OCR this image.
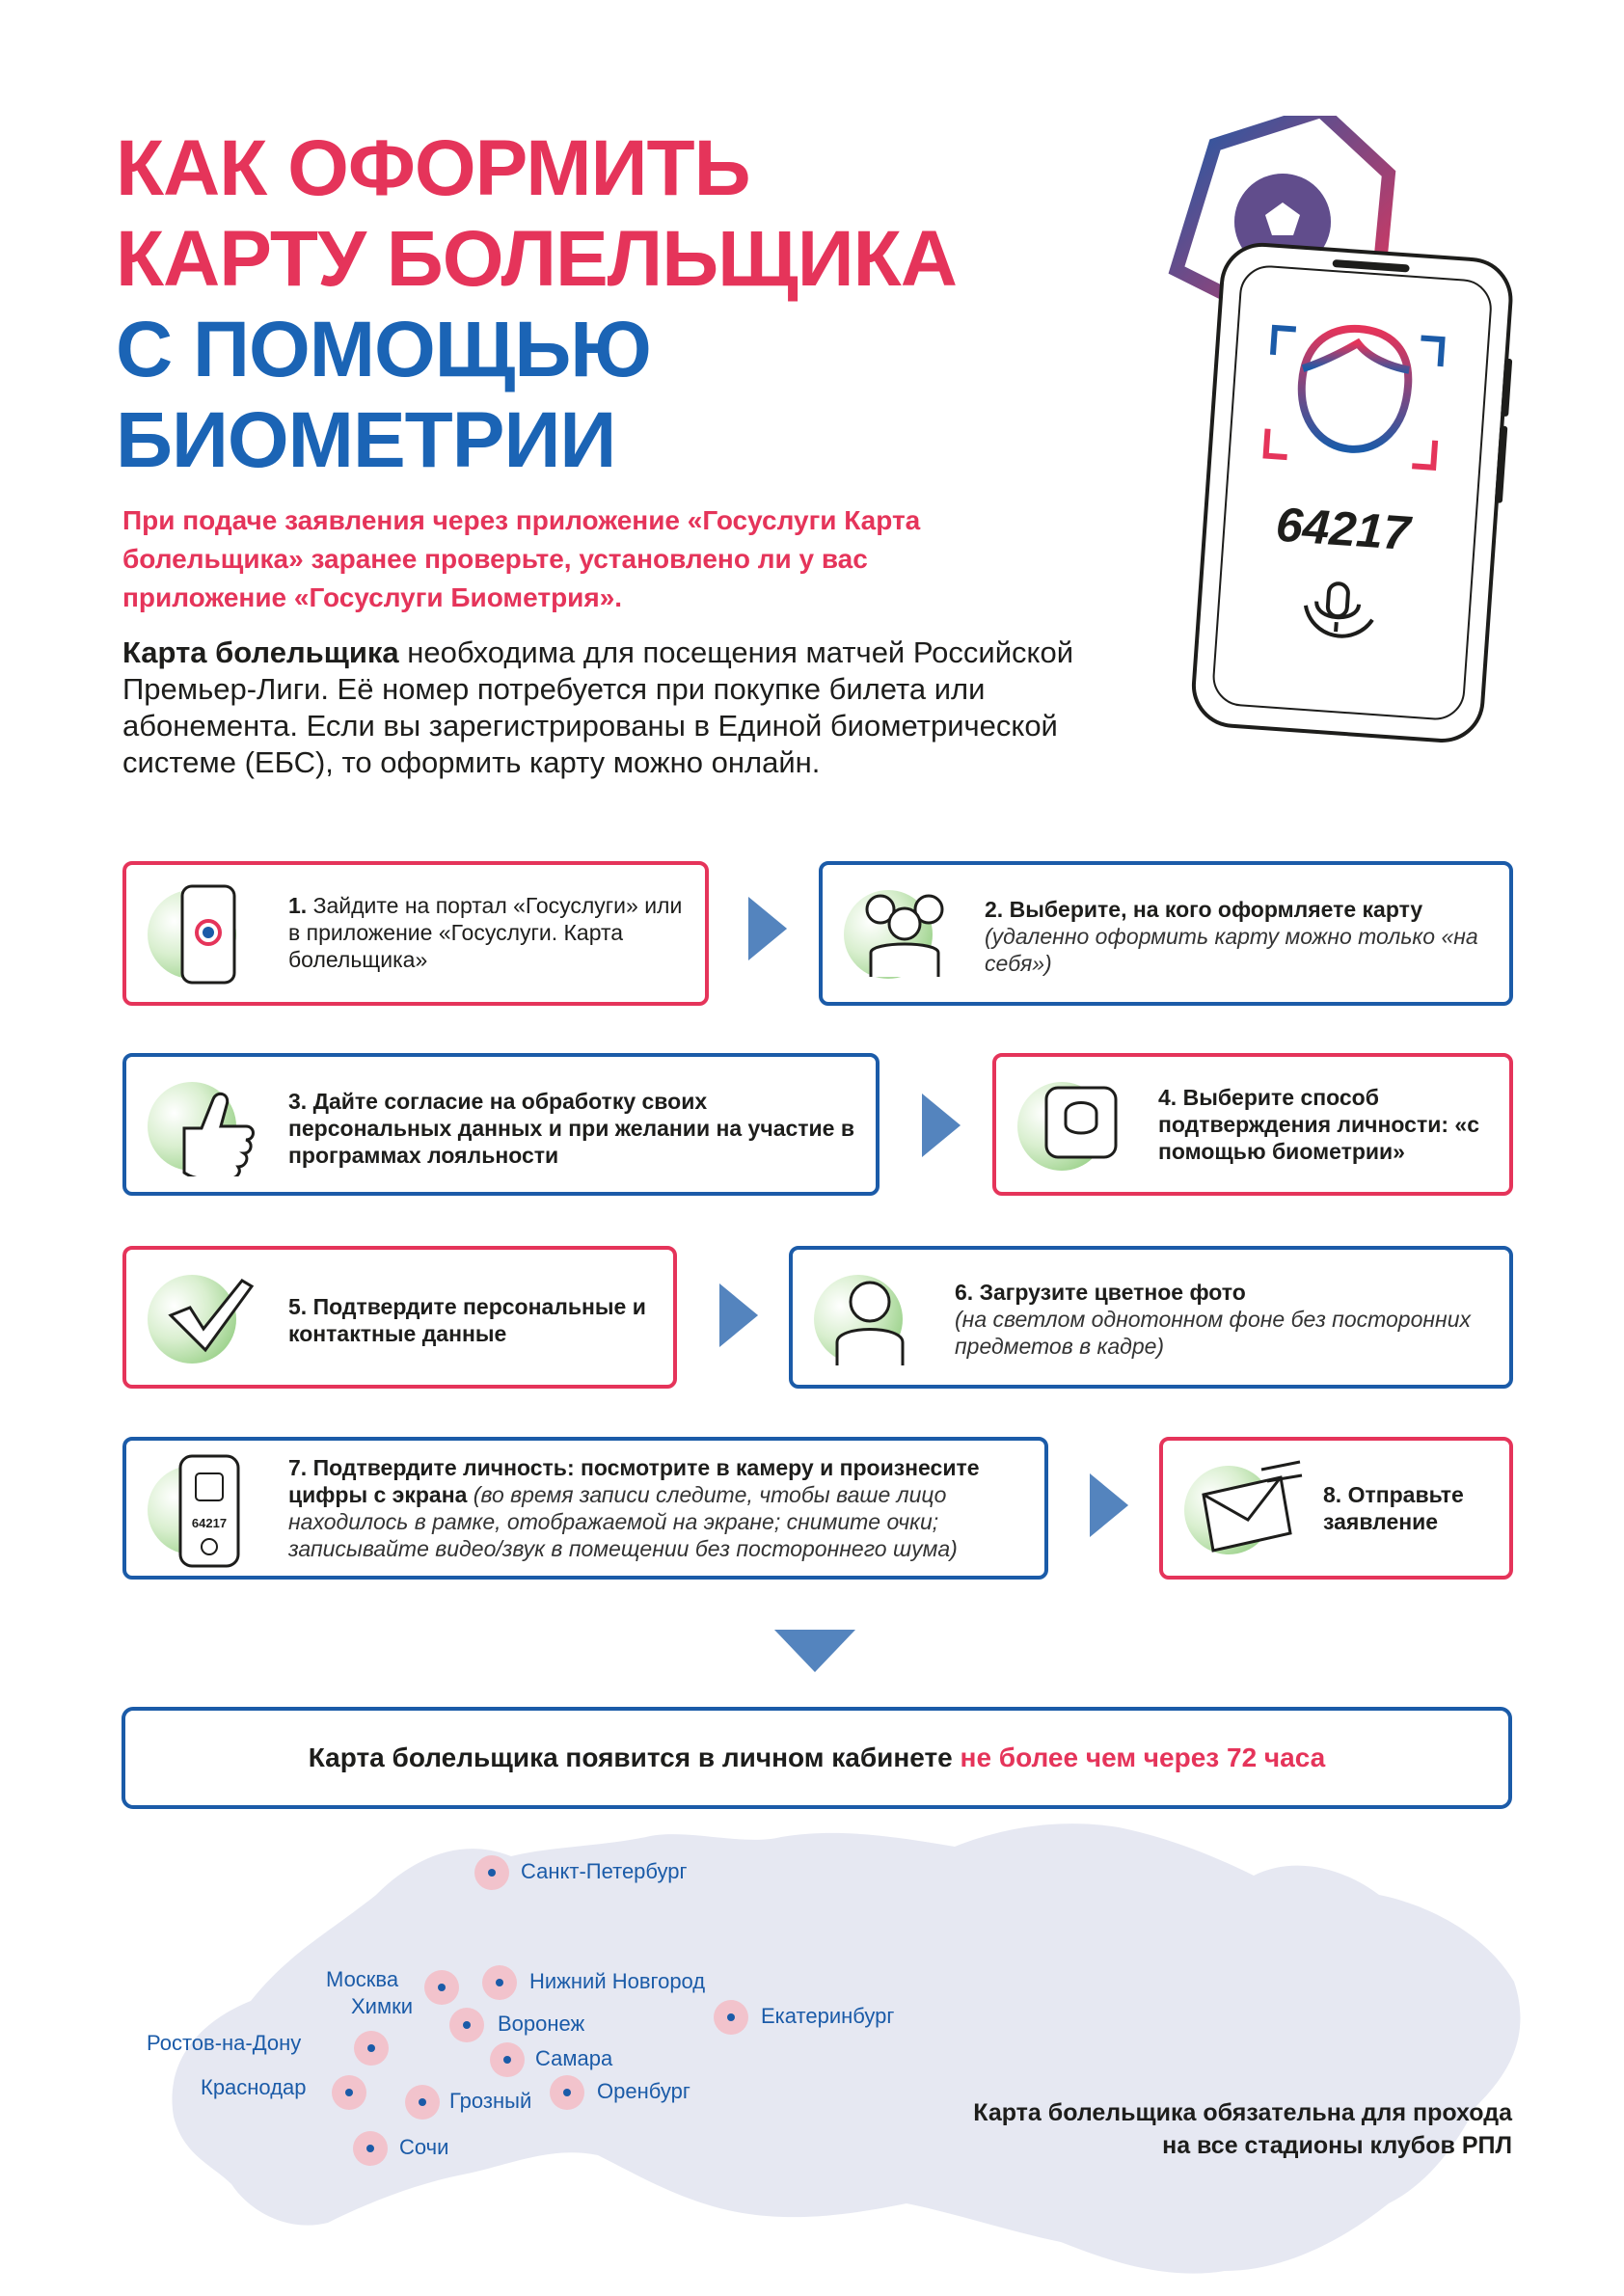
КАК ОФОРМИТЬ
КАРТУ БОЛЕЛЬЩИКА
С ПОМОЩЬЮ
БИОМЕТРИИ
64217
При подаче заявления через приложение «Госуслуги Карта болельщика» заранее проверьте, установлено ли у вас приложение «Госуслуги Биометрия».
Карта болельщика необходима для посещения матчей Российской Премьер-Лиги. Её номер потребуется при покупке билета или абонемента. Если вы зарегистрированы в Единой биометрической системе (ЕБС), то оформить карту можно онлайн.
1. Зайдите на портал «Госуслуги» или в приложение «Госуслуги. Карта болельщика»
2. Выберите, на кого оформляете карту
(удаленно оформить карту можно только «на себя»)
3. Дайте согласие на обработку своих персональных данных и при желании на участие в программах лояльности
4. Выберите способ подтверждения личности: «с помощью биометрии»
5. Подтвердите персональные и контактные данные
6. Загрузите цветное фото
(на светлом однотонном фоне без посторонних предметов в кадре)
64217
7. Подтвердите личность: посмотрите в камеру и произнесите цифры с экрана (во время записи следите, чтобы ваше лицо находилось в рамке, отображаемой на экране; снимите очки; записывайте видео/звук в помещении без постороннего шума)
8. Отправьте заявление
Карта болельщика появится в личном кабинете не более чем через 72 часа
Санкт-Петербург
Москва
Химки
Нижний Новгород
Воронеж	Екатеринбург
Ростов-на-Дону
Самара
Краснодар
Грозный	Оренбург
Сочи
Карта болельщика обязательна для прохода
на все стадионы клубов РПЛ
